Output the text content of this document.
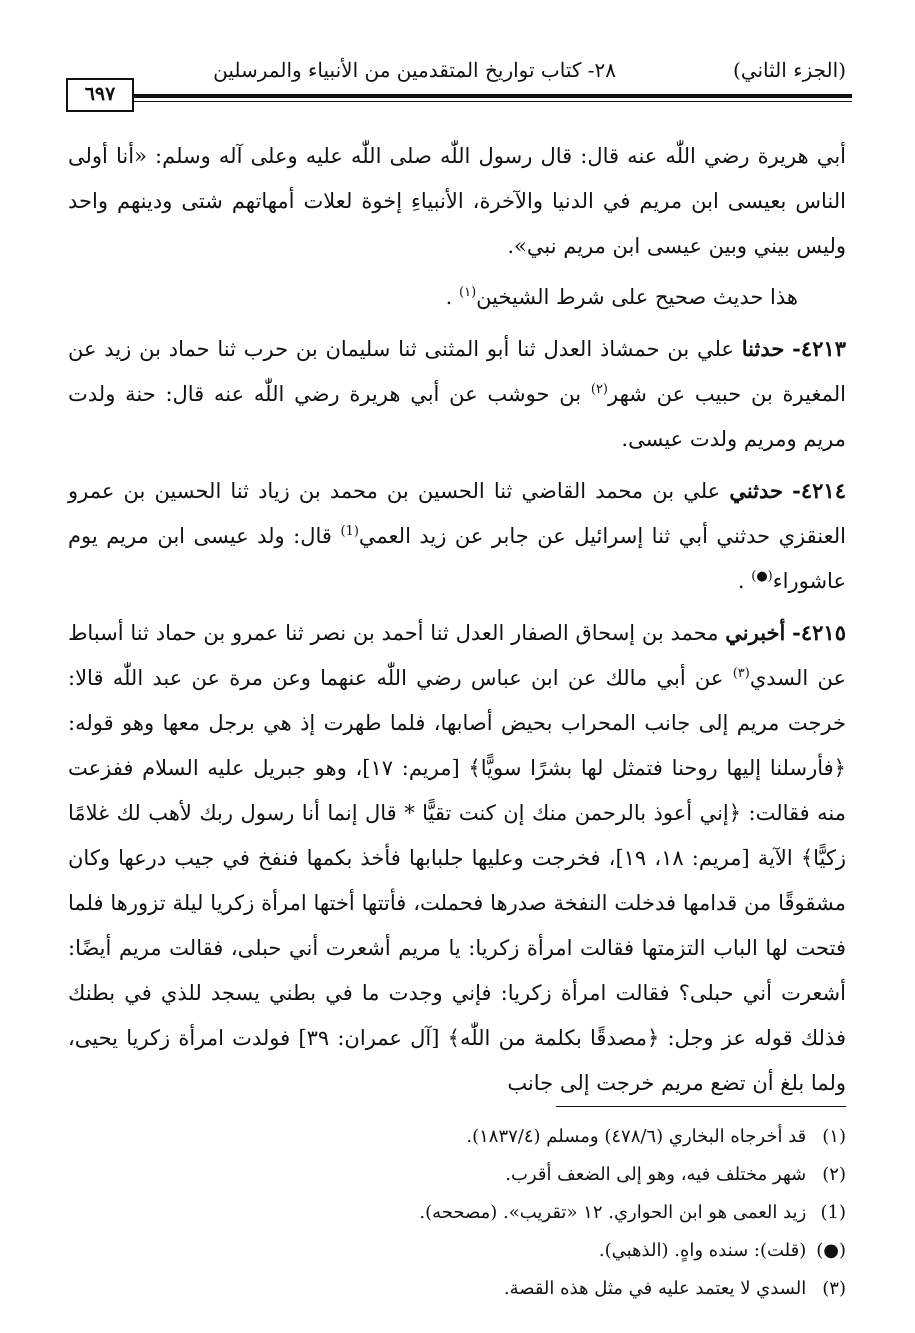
(الجزء الثاني)
٢٨- كتاب تواريخ المتقدمين من الأنبياء والمرسلين
٦٩٧

أبي هريرة رضي اللّٰه عنه قال: قال رسول اللّٰه صلى اللّٰه عليه وعلى آله وسلم: «أنا أولى الناس بعيسى ابن مريم في الدنيا والآخرة، الأنبياءِ إخوة لعلات أمهاتهم شتى ودينهم واحد وليس بيني وبين عيسى ابن مريم نبي».

هذا حديث صحيح على شرط الشيخين$^{(١)}$ .

٤٢١٣- حدثنا علي بن حمشاذ العدل ثنا أبو المثنى ثنا سليمان بن حرب ثنا حماد بن زيد عن المغيرة بن حبيب عن شهر$^{(٢)}$ بن حوشب عن أبي هريرة رضي اللّٰه عنه قال: حنة ولدت مريم ومريم ولدت عيسى.

٤٢١٤- حدثني علي بن محمد القاضي ثنا الحسين بن محمد بن زياد ثنا الحسين بن عمرو العنقزي حدثني أبي ثنا إسرائيل عن جابر عن زيد العمي$^{(1)}$ قال: ولد عيسى ابن مريم يوم عاشوراء(●) .

٤٢١٥- أخبرني محمد بن إسحاق الصفار العدل ثنا أحمد بن نصر ثنا عمرو بن حماد ثنا أسباط عن السدي$^{(٣)}$ عن أبي مالك عن ابن عباس رضي اللّٰه عنهما وعن مرة عن عبد اللّٰه قالا: خرجت مريم إلى جانب المحراب بحيض أصابها، فلما طهرت إذ هي برجل معها وهو قوله: ﴿فأرسلنا إليها روحنا فتمثل لها بشرًا سويًّا﴾ [مريم: ١٧]، وهو جبريل عليه السلام ففزعت منه فقالت: ﴿إني أعوذ بالرحمن منك إن كنت تقيًّا * قال إنما أنا رسول ربك لأهب لك غلامًا زكيًّا﴾ الآية [مريم: ١٨، ١٩]، فخرجت وعليها جلبابها فأخذ بكمها فنفخ في جيب درعها وكان مشقوقًا من قدامها فدخلت النفخة صدرها فحملت، فأتتها أختها امرأة زكريا ليلة تزورها فلما فتحت لها الباب التزمتها فقالت امرأة زكريا: يا مريم أشعرت أني حبلى، فقالت مريم أيضًا: أشعرت أني حبلى؟ فقالت امرأة زكريا: فإني وجدت ما في بطني يسجد للذي في بطنك فذلك قوله عز وجل: ﴿مصدقًا بكلمة من اللّٰه﴾ [آل عمران: ٣٩] فولدت امرأة زكريا يحيى، ولما بلغ أن تضع مريم خرجت إلى جانب

(١) قد أخرجاه البخاري (٤٧٨/٦) ومسلم (١٨٣٧/٤).
(٢) شهر مختلف فيه، وهو إلى الضعف أقرب.
(1) زيد العمى هو ابن الحواري. ١٢ «تقريب». (مصححه).
(●) (قلت): سنده واهٍ. (الذهبي).
(٣) السدي لا يعتمد عليه في مثل هذه القصة.
